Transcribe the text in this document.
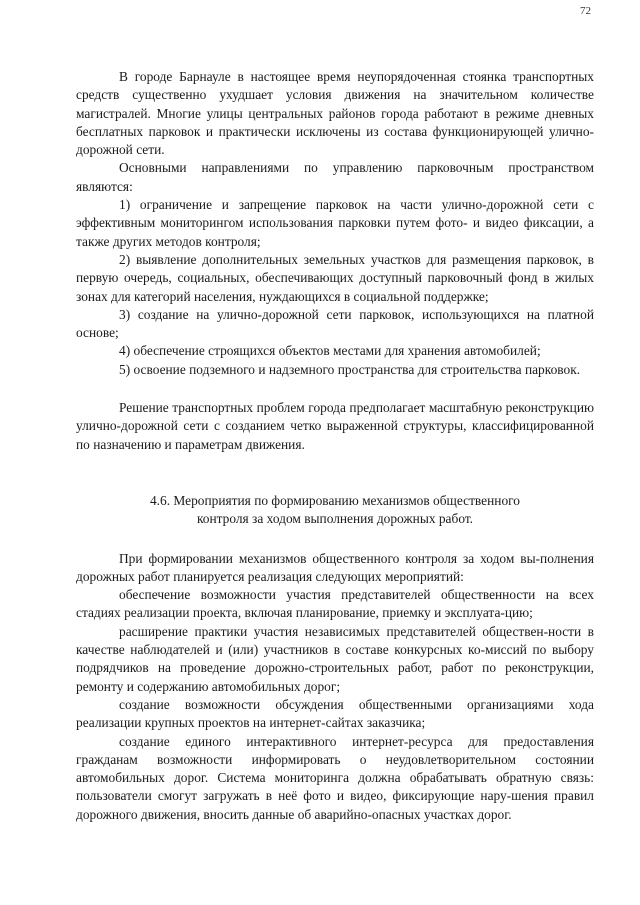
72

В городе Барнауле в настоящее время неупорядоченная стоянка транспортных средств существенно ухудшает условия движения на значительном количестве магистралей. Многие улицы центральных районов города работают в режиме дневных бесплатных парковок и практически исключены из состава функционирующей улично-дорожной сети.

Основными направлениями по управлению парковочным пространством являются:

1) ограничение и запрещение парковок на части улично-дорожной сети с эффективным мониторингом использования парковки путем фото- и видео фиксации, а также других методов контроля;

2) выявление дополнительных земельных участков для размещения парковок, в первую очередь, социальных, обеспечивающих доступный парковочный фонд в жилых зонах для категорий населения, нуждающихся в социальной поддержке;

3) создание на улично-дорожной сети парковок, использующихся на платной основе;

4) обеспечение строящихся объектов местами для хранения автомобилей;

5) освоение подземного и надземного пространства для строительства парковок.

Решение транспортных проблем города предполагает масштабную реконструкцию улично-дорожной сети с созданием четко выраженной структуры, классифицированной по назначению и параметрам движения.

4.6. Мероприятия по формированию механизмов общественного
контроля за ходом выполнения дорожных работ.

При формировании механизмов общественного контроля за ходом вы-полнения дорожных работ планируется реализация следующих мероприятий:

обеспечение возможности участия представителей общественности на всех стадиях реализации проекта, включая планирование, приемку и эксплуата-цию;

расширение практики участия независимых представителей обществен-ности в качестве наблюдателей и (или) участников в составе конкурсных ко-миссий по выбору подрядчиков на проведение дорожно-строительных работ, работ по реконструкции, ремонту и содержанию автомобильных дорог;

создание возможности обсуждения общественными организациями хода реализации крупных проектов на интернет-сайтах заказчика;

создание единого интерактивного интернет-ресурса для предоставления гражданам возможности информировать о неудовлетворительном состоянии автомобильных дорог. Система мониторинга должна обрабатывать обратную связь: пользователи смогут загружать в неё фото и видео, фиксирующие нару-шения правил дорожного движения, вносить данные об аварийно-опасных участках дорог.
